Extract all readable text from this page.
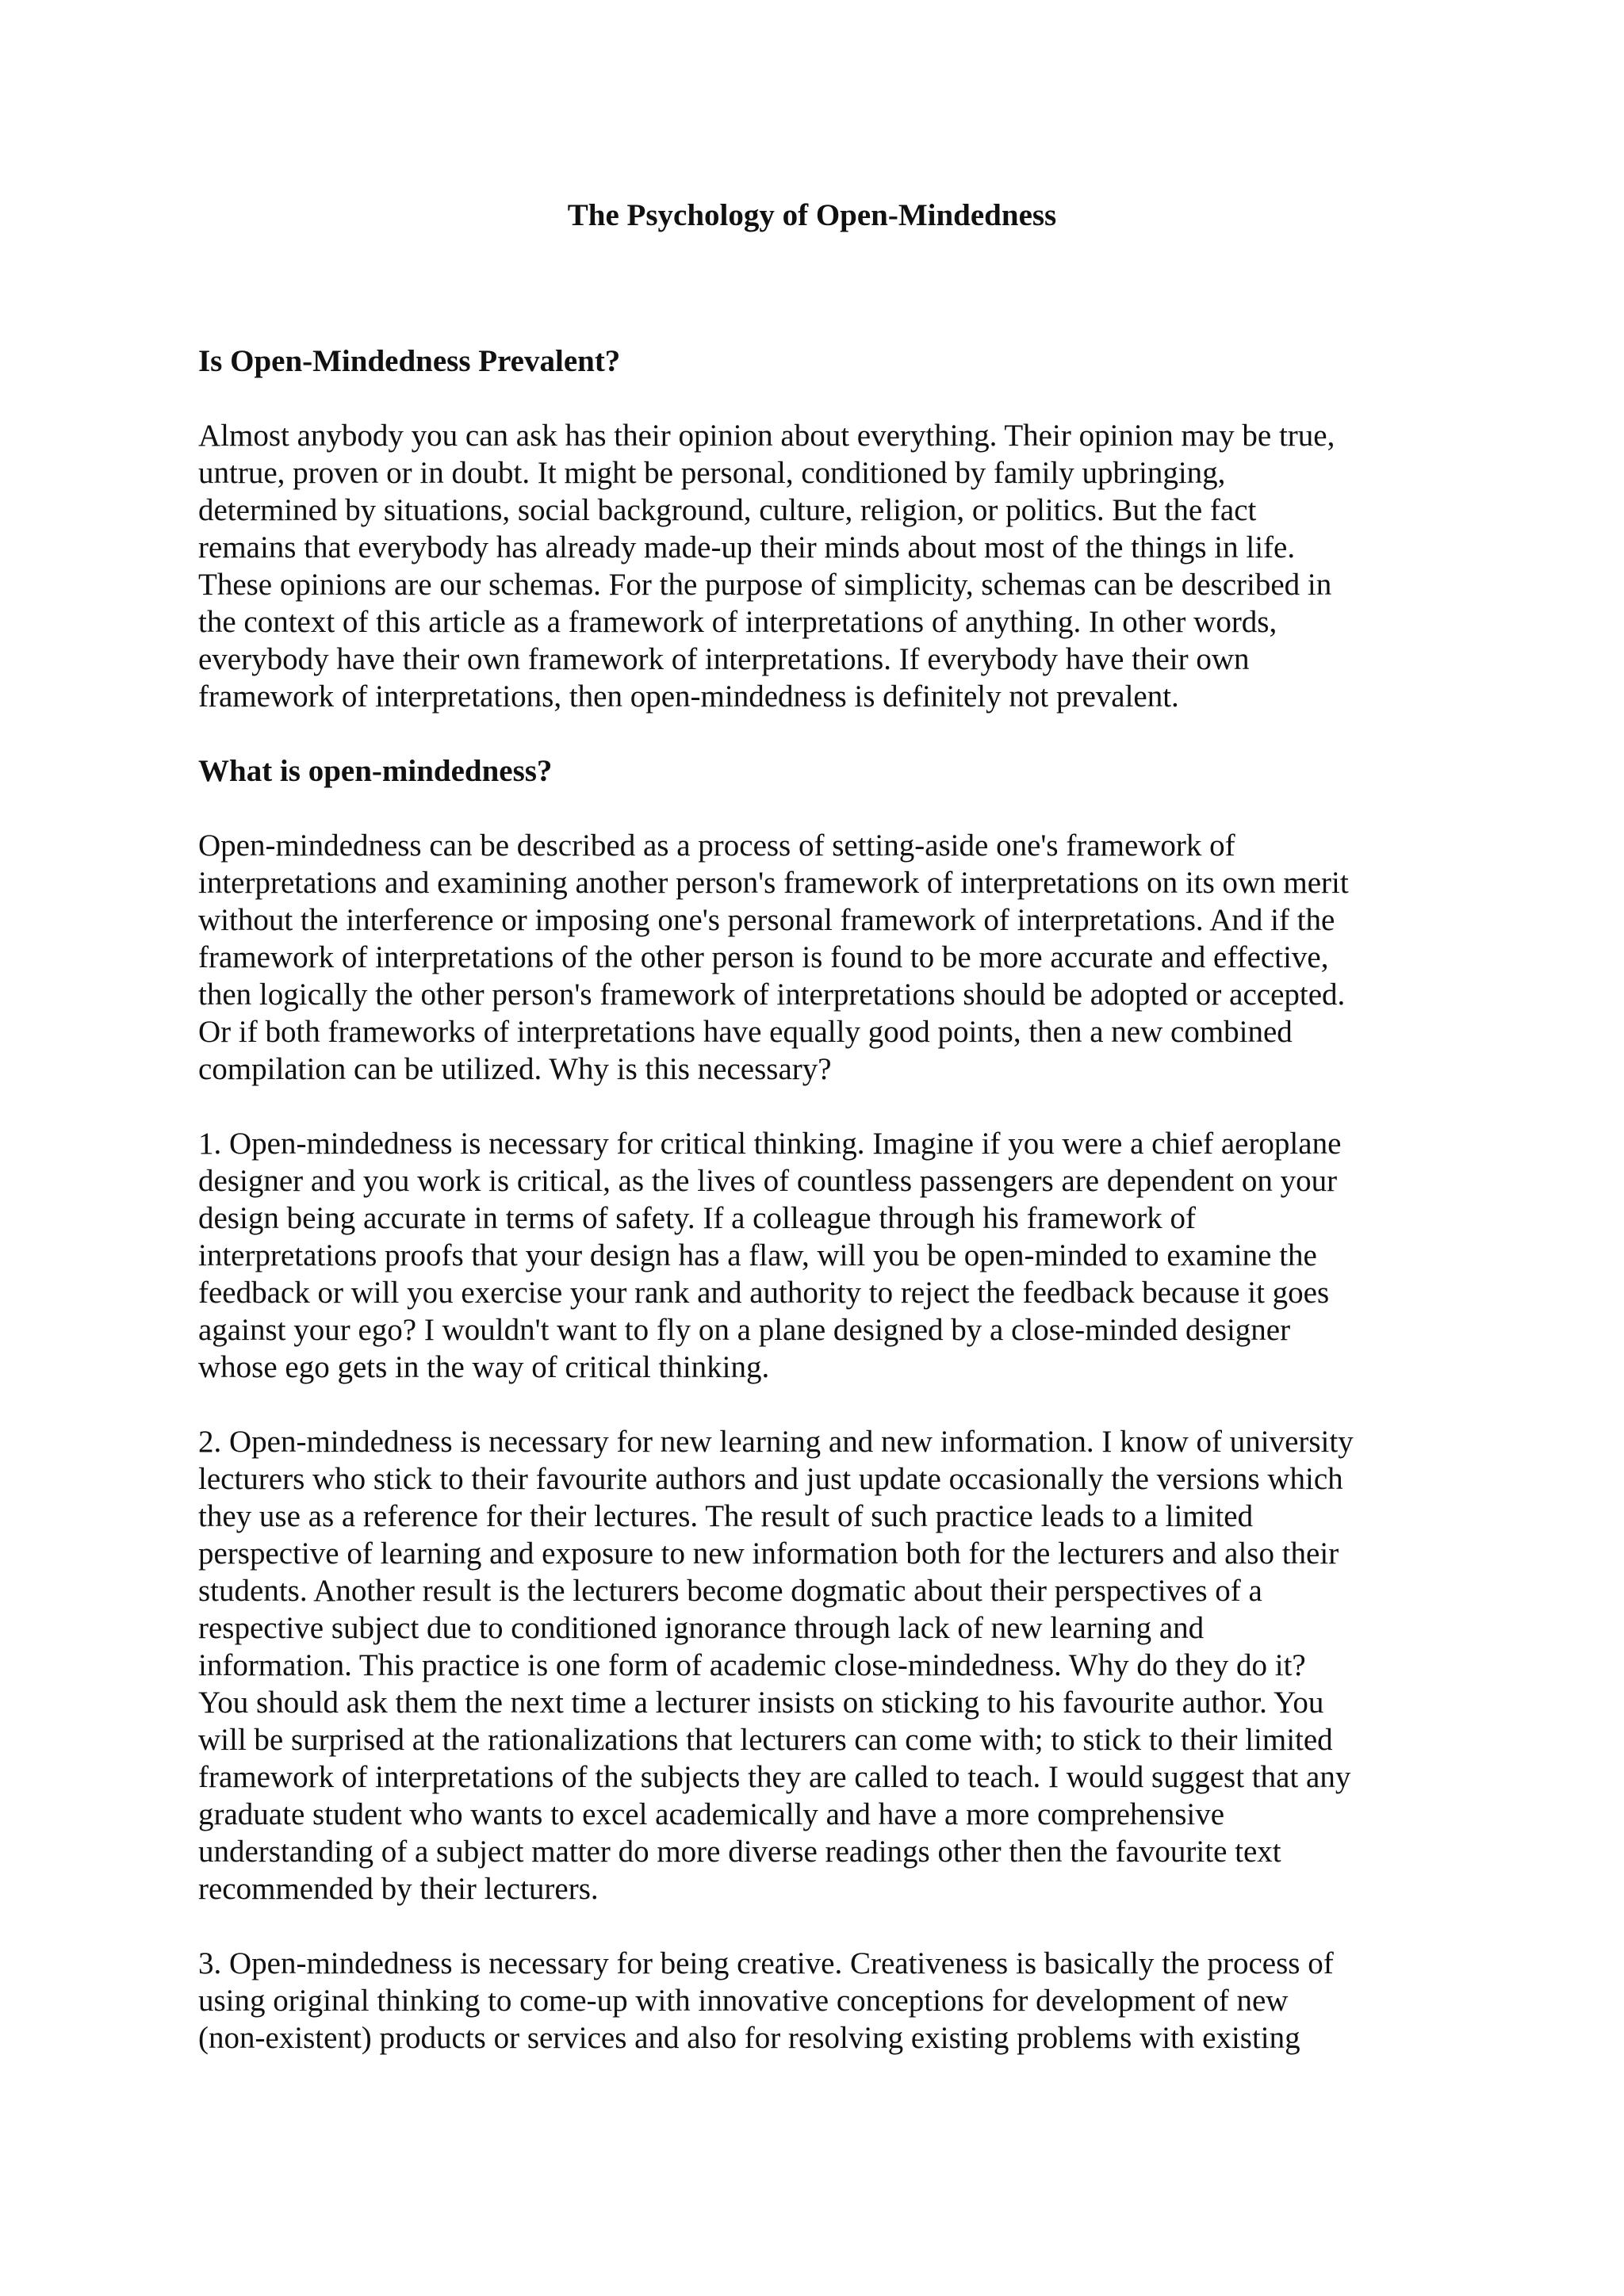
The Psychology of Open-Mindedness
Is Open-Mindedness Prevalent?

Almost anybody you can ask has their opinion about everything. Their opinion may be true,
untrue, proven or in doubt. It might be personal, conditioned by family upbringing,
determined by situations, social background, culture, religion, or politics. But the fact
remains that everybody has already made-up their minds about most of the things in life.
These opinions are our schemas. For the purpose of simplicity, schemas can be described in
the context of this article as a framework of interpretations of anything. In other words,
everybody have their own framework of interpretations. If everybody have their own
framework of interpretations, then open-mindedness is definitely not prevalent.

What is open-mindedness?

Open-mindedness can be described as a process of setting-aside one's framework of
interpretations and examining another person's framework of interpretations on its own merit
without the interference or imposing one's personal framework of interpretations. And if the
framework of interpretations of the other person is found to be more accurate and effective,
then logically the other person's framework of interpretations should be adopted or accepted.
Or if both frameworks of interpretations have equally good points, then a new combined
compilation can be utilized. Why is this necessary?

1. Open-mindedness is necessary for critical thinking. Imagine if you were a chief aeroplane
designer and you work is critical, as the lives of countless passengers are dependent on your
design being accurate in terms of safety. If a colleague through his framework of
interpretations proofs that your design has a flaw, will you be open-minded to examine the
feedback or will you exercise your rank and authority to reject the feedback because it goes
against your ego? I wouldn't want to fly on a plane designed by a close-minded designer
whose ego gets in the way of critical thinking.

2. Open-mindedness is necessary for new learning and new information. I know of university
lecturers who stick to their favourite authors and just update occasionally the versions which
they use as a reference for their lectures. The result of such practice leads to a limited
perspective of learning and exposure to new information both for the lecturers and also their
students. Another result is the lecturers become dogmatic about their perspectives of a
respective subject due to conditioned ignorance through lack of new learning and
information. This practice is one form of academic close-mindedness. Why do they do it?
You should ask them the next time a lecturer insists on sticking to his favourite author. You
will be surprised at the rationalizations that lecturers can come with; to stick to their limited
framework of interpretations of the subjects they are called to teach. I would suggest that any
graduate student who wants to excel academically and have a more comprehensive
understanding of a subject matter do more diverse readings other then the favourite text
recommended by their lecturers.

3. Open-mindedness is necessary for being creative. Creativeness is basically the process of
using original thinking to come-up with innovative conceptions for development of new
(non-existent) products or services and also for resolving existing problems with existing
